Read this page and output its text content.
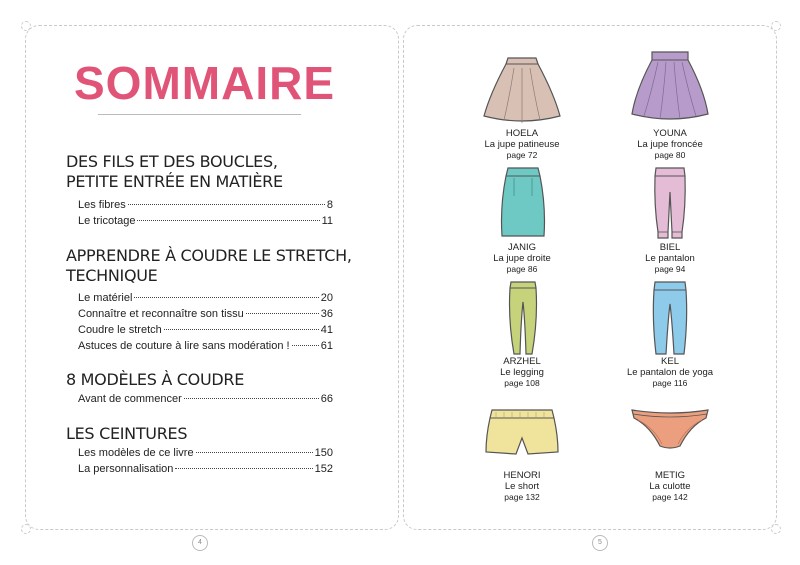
SOMMAIRE
DES FILS ET DES BOUCLES,
PETITE ENTRÉE EN MATIÈRE
Les fibres	8
Le tricotage	11
APPRENDRE À COUDRE LE STRETCH,
TECHNIQUE
Le matériel	20
Connaître et reconnaître son tissu	36
Coudre le stretch	41
Astuces de couture à lire sans modération !	61
8 MODÈLES À COUDRE
Avant de commencer	66
LES CEINTURES
Les modèles de ce livre	150
La personnalisation	152
4	5
HOELA
La jupe patineuse
page 72
YOUNA
La jupe froncée
page 80
JANIG
La jupe droite
page 86
BIEL
Le pantalon
page 94
ARZHEL
Le legging
page 108
KEL
Le pantalon de yoga
page 116
HENORI
Le short
page 132
METIG
La culotte
page 142
